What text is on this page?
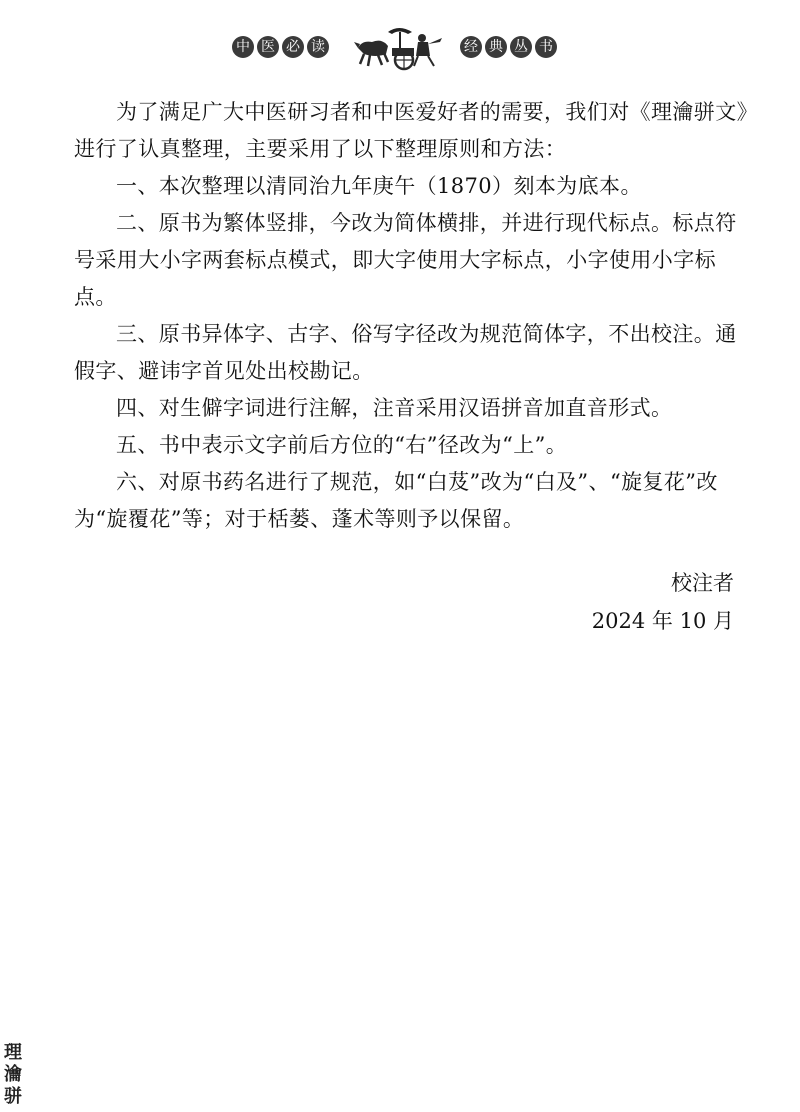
中 医 必 读	经 典 丛 书

为了满足广大中医研习者和中医爱好者的需要，我们对《理瀹骈文》进行了认真整理，主要采用了以下整理原则和方法：

一、本次整理以清同治九年庚午（1870）刻本为底本。

二、原书为繁体竖排，今改为简体横排，并进行现代标点。标点符号采用大小字两套标点模式，即大字使用大字标点，小字使用小字标点。

三、原书异体字、古字、俗写字径改为规范简体字，不出校注。通假字、避讳字首见处出校勘记。

四、对生僻字词进行注解，注音采用汉语拼音加直音形式。

五、书中表示文字前后方位的“右”径改为“上”。

六、对原书药名进行了规范，如“白芨”改为“白及”、“旋复花”改为“旋覆花”等；对于栝蒌、蓬术等则予以保留。

校注者
2024 年 10 月
理
瀹
骈
